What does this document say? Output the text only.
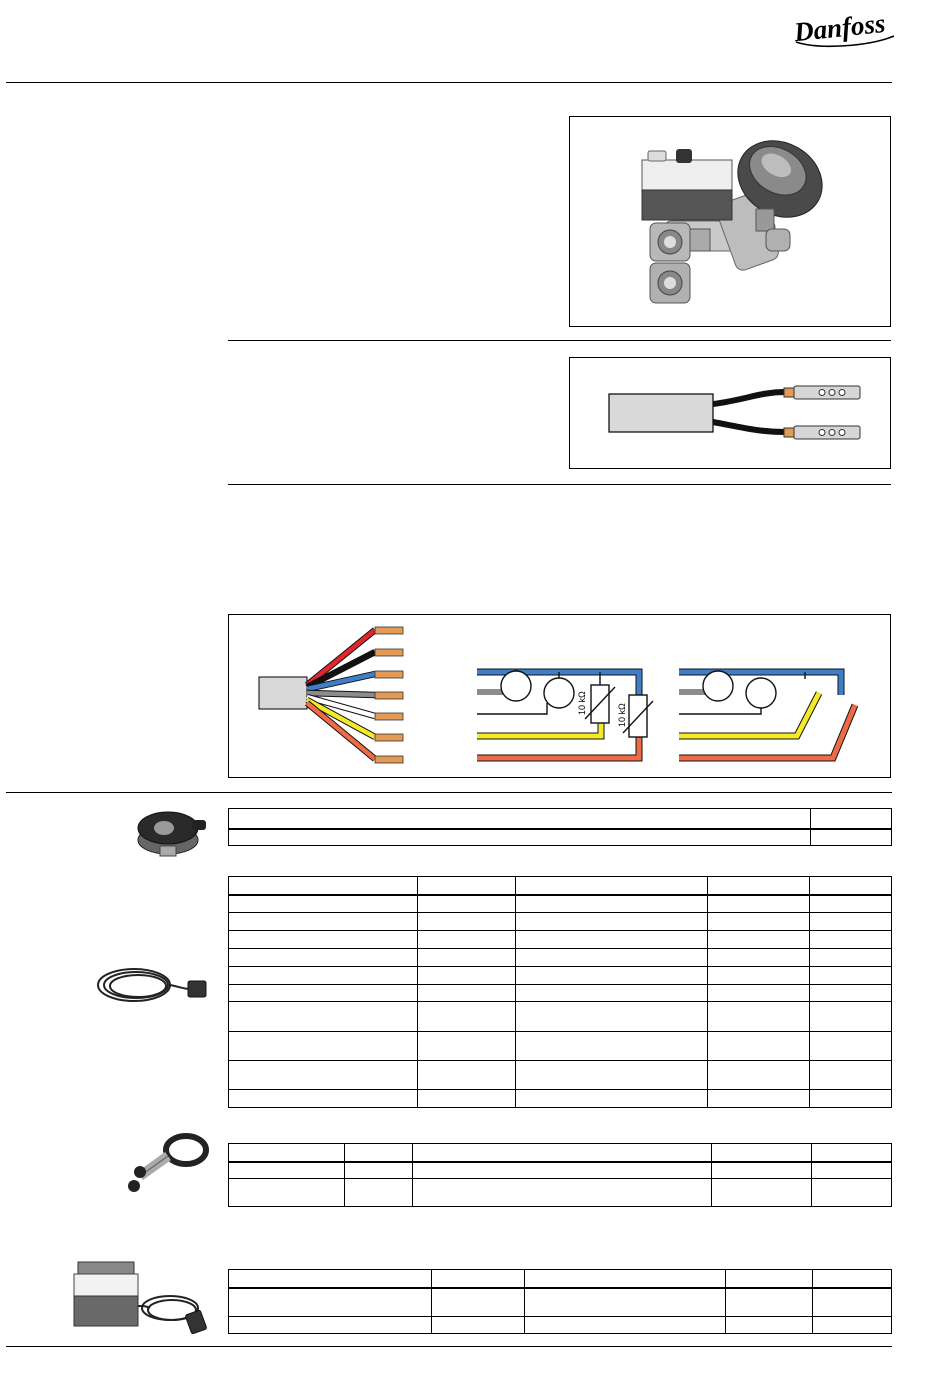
Danfoss
10 kΩ
10 kΩ
